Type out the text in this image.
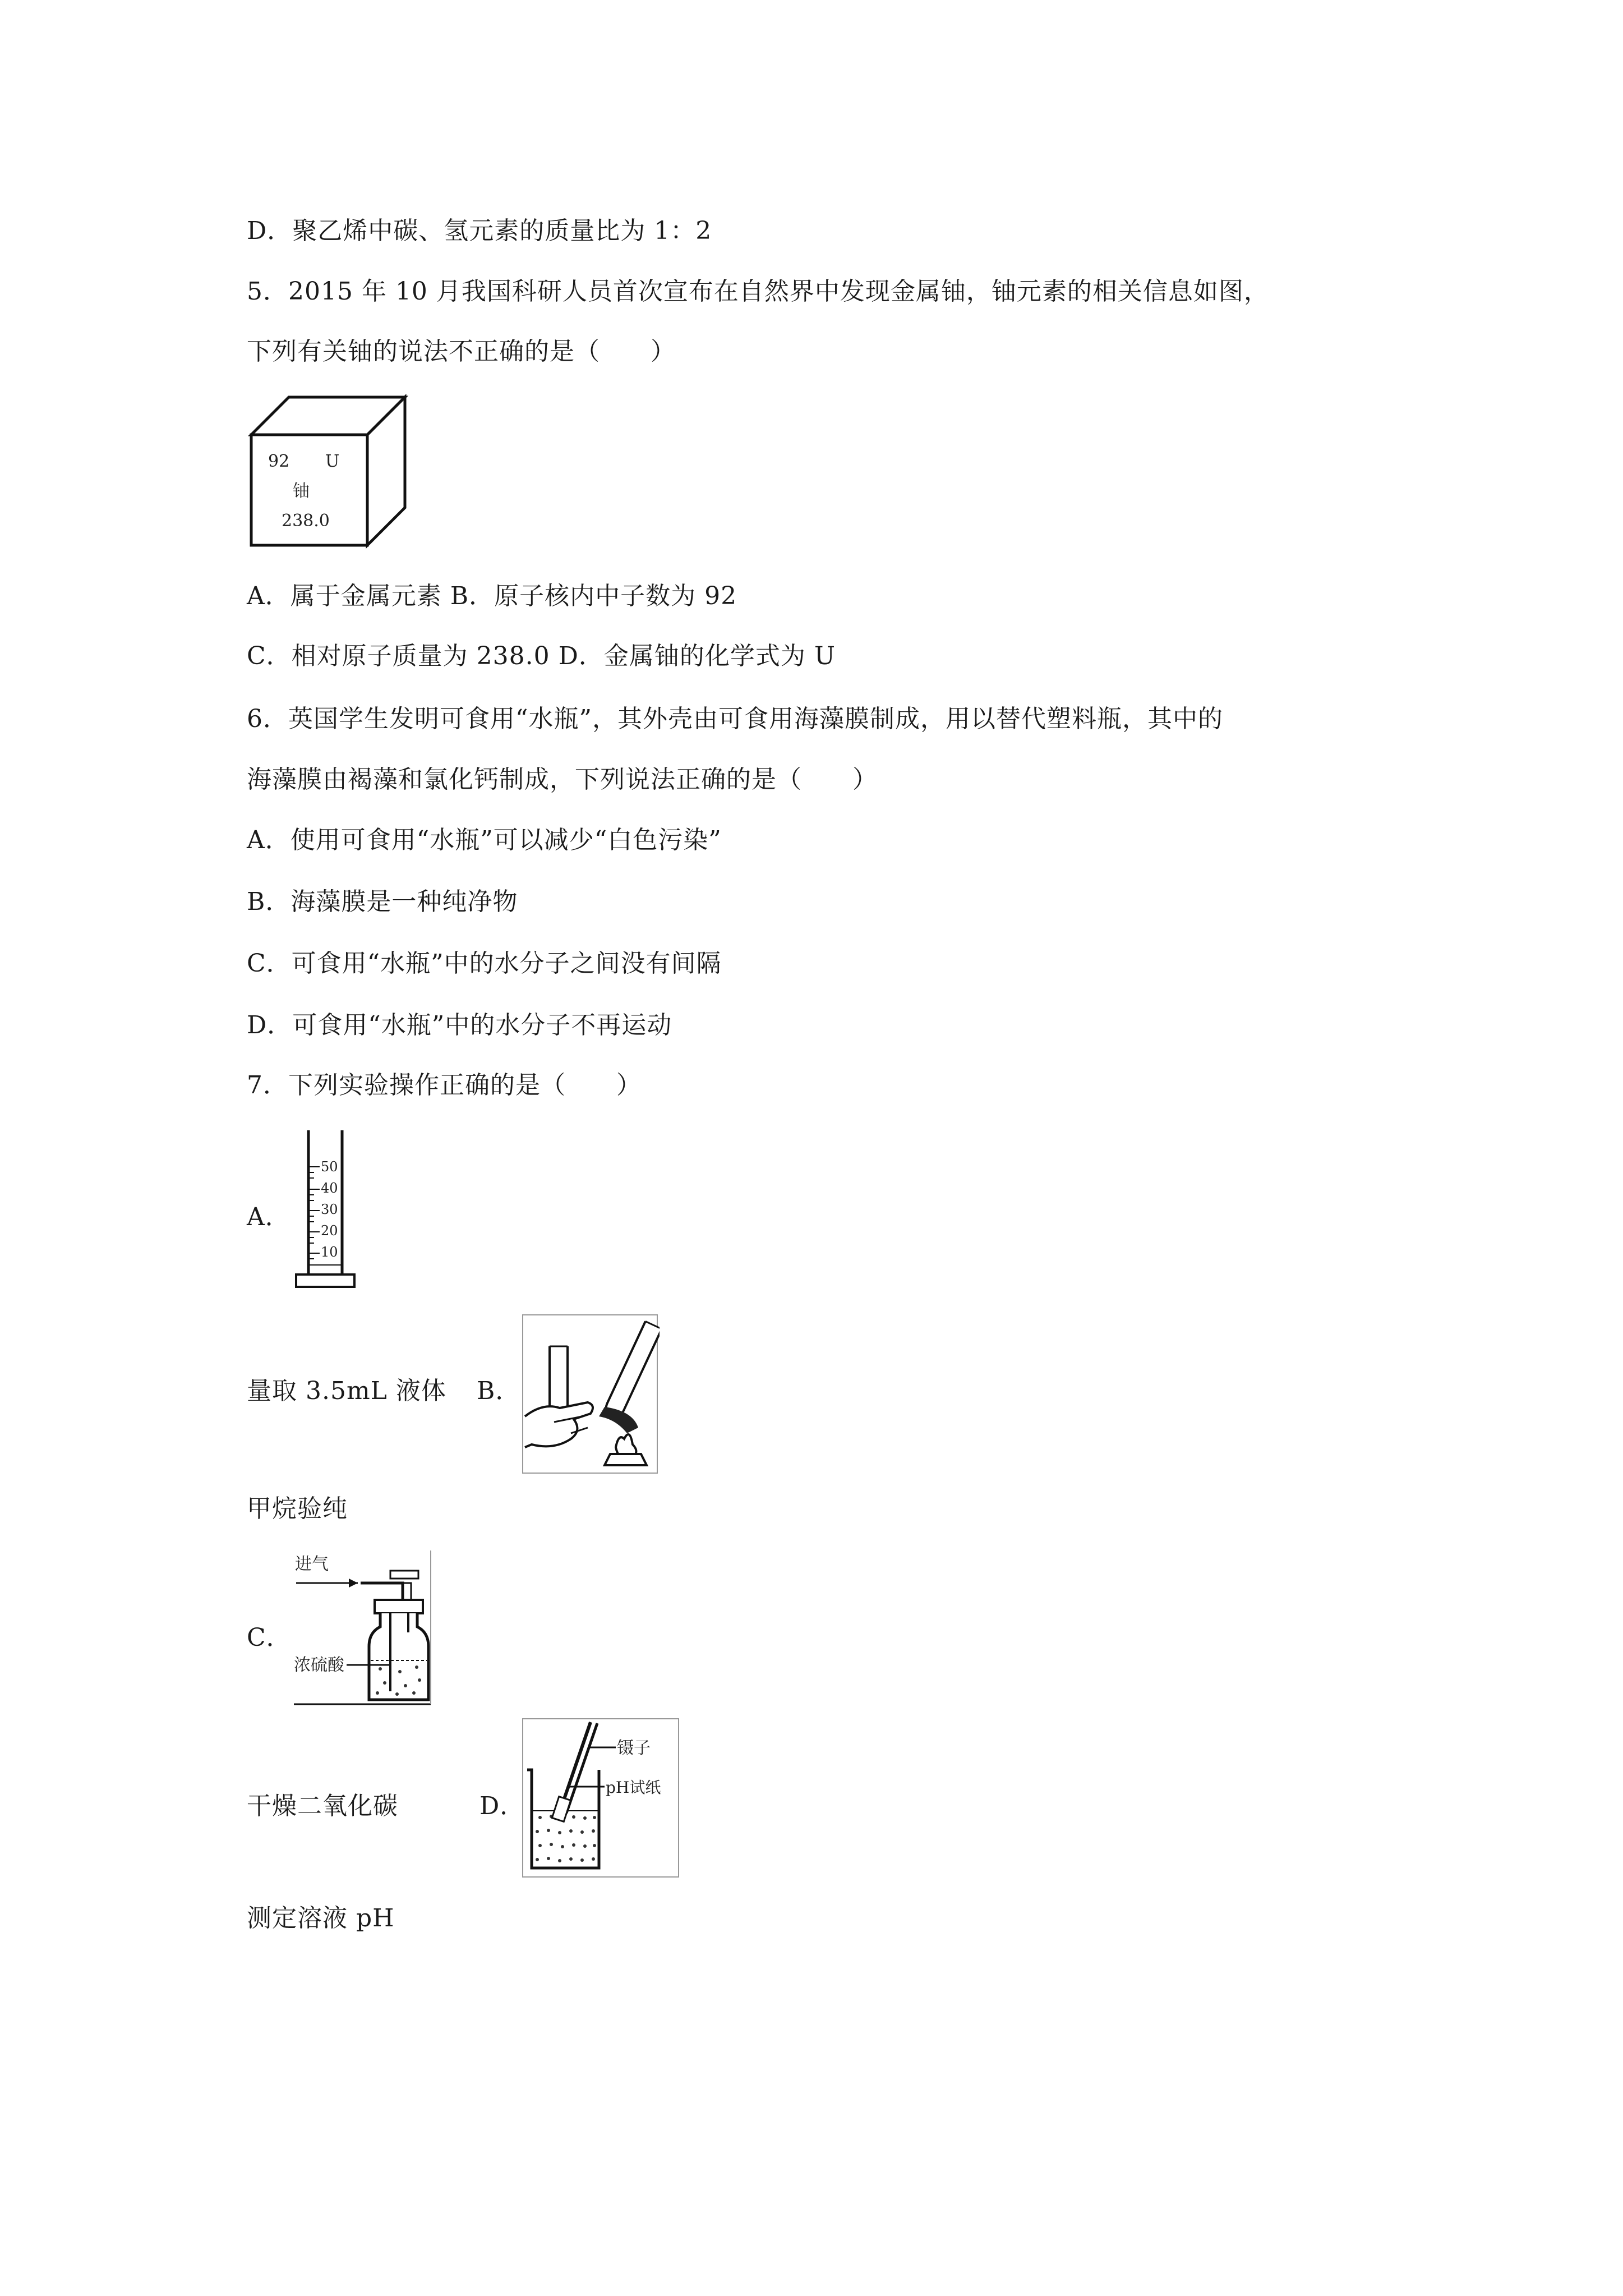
D．聚乙烯中碳、氢元素的质量比为 1：2
5．2015 年 10 月我国科研人员首次宣布在自然界中发现金属铀，铀元素的相关信息如图，
下列有关铀的说法不正确的是（　　）
92 U
铀
238.0
A．属于金属元素 B．原子核内中子数为 92
C．相对原子质量为 238.0 D．金属铀的化学式为 U
6．英国学生发明可食用“水瓶”，其外壳由可食用海藻膜制成，用以替代塑料瓶，其中的
海藻膜由褐藻和氯化钙制成，下列说法正确的是（　　）
A．使用可食用“水瓶”可以减少“白色污染”
B．海藻膜是一种纯净物
C．可食用“水瓶”中的水分子之间没有间隔
D．可食用“水瓶”中的水分子不再运动
7．下列实验操作正确的是（　　）
A．
50
40
30
20
10
量取 3.5mL 液体 B．
甲烷验纯
C．
进气
浓硫酸
干燥二氧化碳	D．
镊子
pH试纸
测定溶液 pH
